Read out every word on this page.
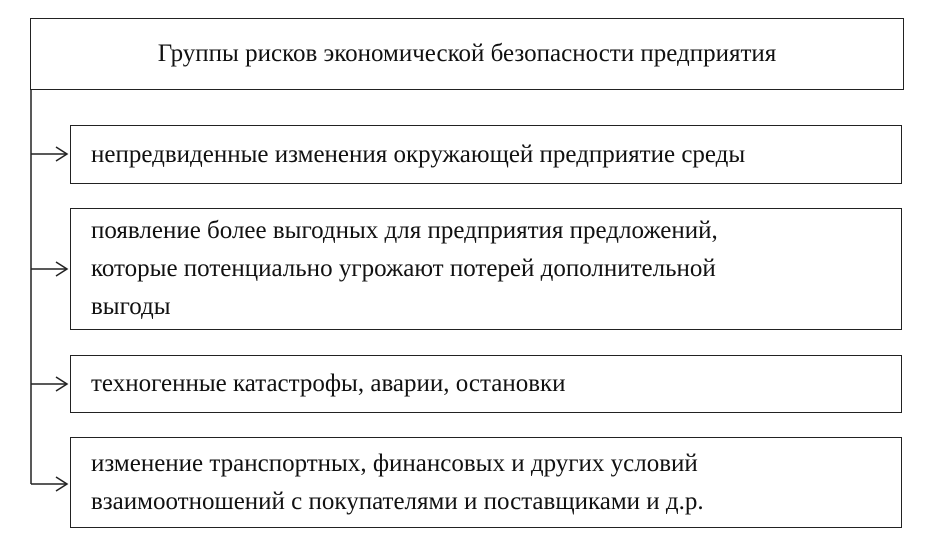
Группы рисков экономической безопасности предприятия
непредвиденные изменения окружающей предприятие среды
появление более выгодных для предприятия предложений,
которые потенциально угрожают потерей дополнительной
выгоды
техногенные катастрофы, аварии, остановки
изменение транспортных, финансовых и других условий
взаимоотношений с покупателями и поставщиками и д.р.
